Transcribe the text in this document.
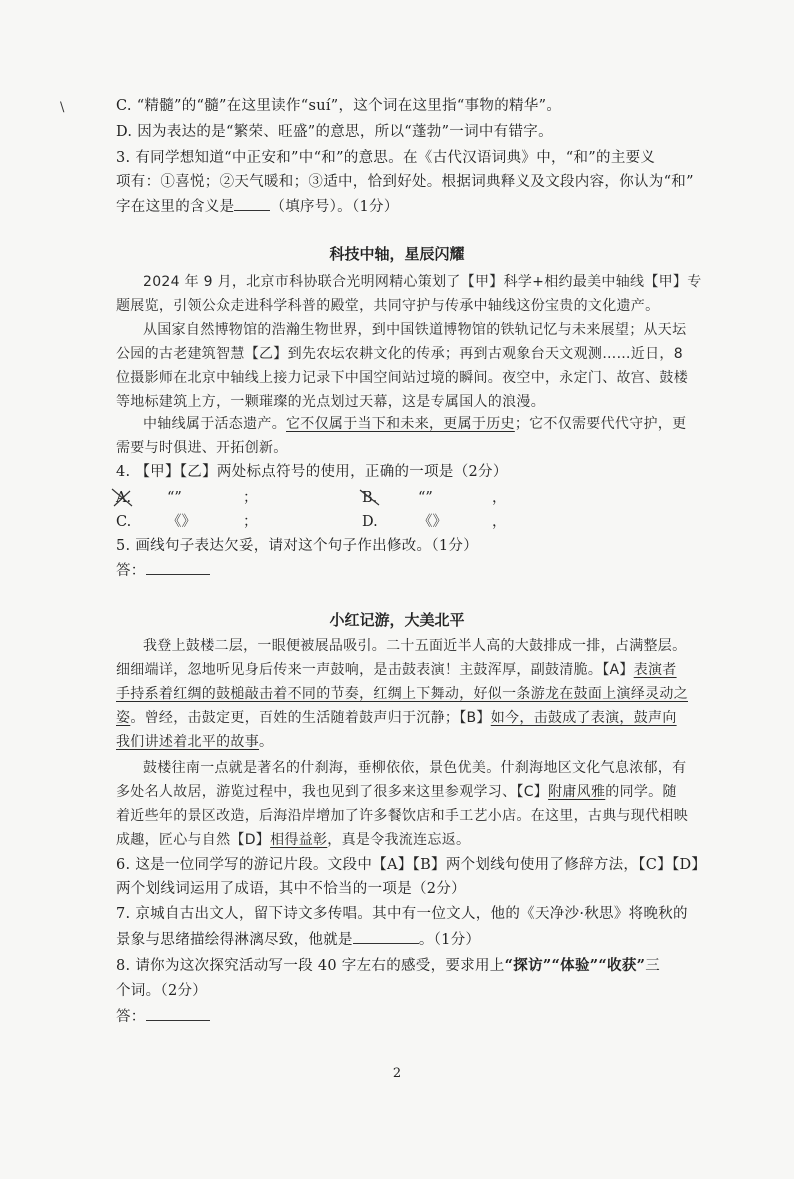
\	C. “精髓”的“髓”在这里读作“suí”，这个词在这里指“事物的精华”。
D. 因为表达的是“繁荣、旺盛”的意思，所以“蓬勃”一词中有错字。
3. 有同学想知道“中正安和”中“和”的意思。在《古代汉语词典》中，“和”的主要义
项有：①喜悦；②天气暖和；③适中，恰到好处。根据词典释义及文段内容，你认为“和”
字在这里的含义是 （填序号）。（1分）
科技中轴，星辰闪耀
2024 年 9 月，北京市科协联合光明网精心策划了【甲】科学+相约最美中轴线【甲】专
题展览，引领公众走进科学科普的殿堂，共同守护与传承中轴线这份宝贵的文化遗产。
从国家自然博物馆的浩瀚生物世界，到中国铁道博物馆的铁轨记忆与未来展望；从天坛
公园的古老建筑智慧【乙】到先农坛农耕文化的传承；再到古观象台天文观测……近日，8
位摄影师在北京中轴线上接力记录下中国空间站过境的瞬间。夜空中，永定门、故宫、鼓楼
等地标建筑上方，一颗璀璨的光点划过天幕，这是专属国人的浪漫。
中轴线属于活态遗产。它不仅属于当下和未来，更属于历史；它不仅需要代代守护，更
需要与时俱进、开拓创新。
4. 【甲】【乙】两处标点符号的使用，正确的一项是（2分）
A. “”	；	B.	“”	，
C. 《》	；	D.	《》	，
5. 画线句子表达欠妥，请对这个句子作出修改。（1分）
答：
小红记游，大美北平
我登上鼓楼二层，一眼便被展品吸引。二十五面近半人高的大鼓排成一排，占满整层。
细细端详，忽地听见身后传来一声鼓响，是击鼓表演！主鼓浑厚，副鼓清脆。【A】表演者
手持系着红绸的鼓槌敲击着不同的节奏，红绸上下舞动，好似一条游龙在鼓面上演绎灵动之
姿。曾经，击鼓定更，百姓的生活随着鼓声归于沉静；【B】如今，击鼓成了表演，鼓声向
我们讲述着北平的故事。
鼓楼往南一点就是著名的什刹海，垂柳依依，景色优美。什刹海地区文化气息浓郁，有
多处名人故居，游览过程中，我也见到了很多来这里参观学习、【C】附庸风雅的同学。随
着近些年的景区改造，后海沿岸增加了许多餐饮店和手工艺小店。在这里，古典与现代相映
成趣，匠心与自然【D】相得益彰，真是令我流连忘返。
6. 这是一位同学写的游记片段。文段中【A】【B】两个划线句使用了修辞方法，【C】【D】
两个划线词运用了成语，其中不恰当的一项是（2分）
7. 京城自古出文人，留下诗文多传唱。其中有一位文人，他的《天净沙·秋思》将晚秋的
景象与思绪描绘得淋漓尽致，他就是	。（1分）
8. 请你为这次探究活动写一段 40 字左右的感受，要求用上“探访”“体验”“收获”三
个词。（2分）
答：
2
